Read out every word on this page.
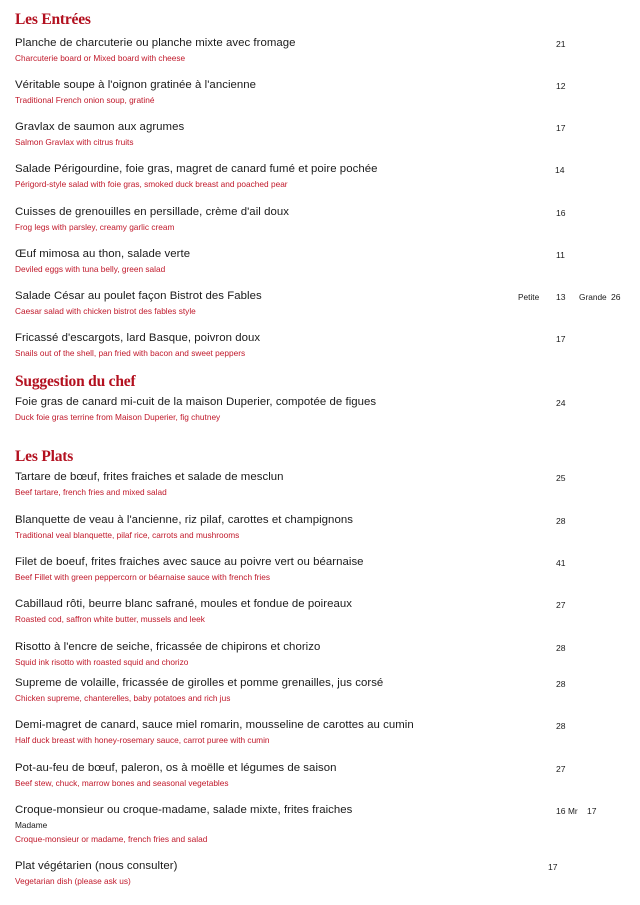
Les Entrées
Planche de charcuterie ou planche mixte avec fromage
Charcuterie board or Mixed board with cheese
21
Véritable soupe à l'oignon gratinée à l'ancienne
Traditional French onion soup, gratiné
12
Gravlax de saumon aux agrumes
Salmon Gravlax with citrus fruits
17
Salade Périgourdine, foie gras, magret de canard fumé et poire pochée
Périgord-style salad with foie gras, smoked duck breast and poached pear
14
Cuisses de grenouilles en persillade, crème d'ail doux
Frog legs with parsley, creamy garlic cream
16
Œuf mimosa au thon, salade verte
Deviled eggs with tuna belly, green salad
11
Salade César au poulet façon Bistrot des Fables
Caesar salad with chicken bistrot des fables style
Petite 13 Grande 26
Fricassé d'escargots, lard Basque, poivron doux
Snails out of the shell, pan fried with bacon and sweet peppers
17
Suggestion du chef
Foie gras de canard mi-cuit de la maison Duperier, compotée de figues
Duck foie gras terrine from Maison Duperier, fig chutney
24
Les Plats
Tartare de bœuf, frites fraiches et salade de mesclun
Beef tartare, french fries and mixed salad
25
Blanquette de veau à l'ancienne, riz pilaf, carottes et champignons
Traditional veal blanquette, pilaf rice, carrots and mushrooms
28
Filet de boeuf, frites fraiches avec sauce au poivre vert ou béarnaise
Beef Fillet with green peppercorn or béarnaise sauce with french fries
41
Cabillaud rôti, beurre blanc safrané, moules et fondue de poireaux
Roasted cod, saffron white butter, mussels and leek
27
Risotto à l'encre de seiche, fricassée de chipirons et chorizo
Squid ink risotto with roasted squid and chorizo
28
Supreme de volaille, fricassée de girolles et pomme grenailles, jus corsé
Chicken supreme, chanterelles, baby potatoes and rich jus
28
Demi-magret de canard, sauce miel romarin, mousseline de carottes au cumin
Half duck breast with honey-rosemary sauce, carrot puree with cumin
28
Pot-au-feu de bœuf, paleron, os à moëlle et légumes de saison
Beef stew, chuck, marrow bones and seasonal vegetables
27
Croque-monsieur ou croque-madame, salade mixte, frites fraiches
Madame
Croque-monsieur or madame, french fries and salad
16 Mr 17
Plat végétarien (nous consulter)
Vegetarian dish (please ask us)
17
